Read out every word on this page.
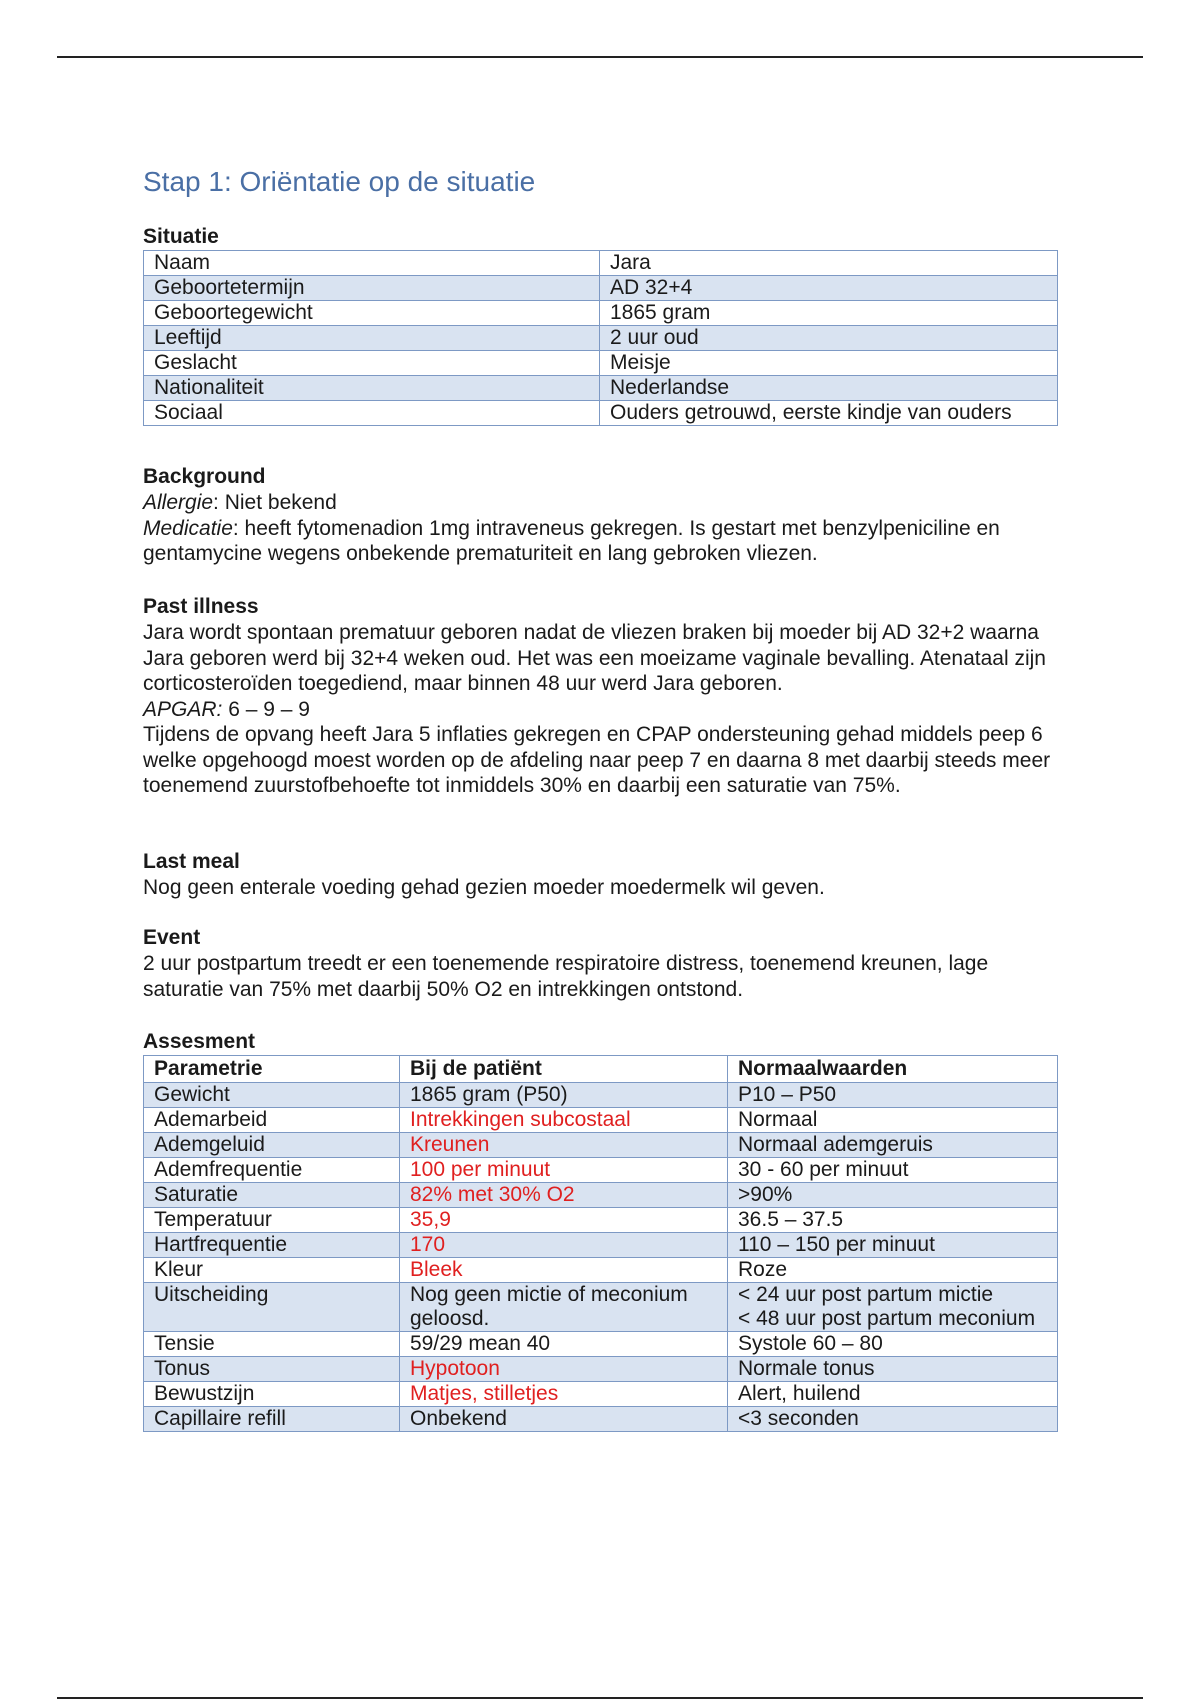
Stap 1: Oriëntatie op de situatie

Situatie

Naam	Jara
Geboortetermijn	AD 32+4
Geboortegewicht	1865 gram
Leeftijd	2 uur oud
Geslacht	Meisje
Nationaliteit	Nederlandse
Sociaal	Ouders getrouwd, eerste kindje van ouders

Background

Allergie: Niet bekend

Medicatie: heeft fytomenadion 1mg intraveneus gekregen. Is gestart met benzylpeniciline en gentamycine wegens onbekende prematuriteit en lang gebroken vliezen.

Past illness

Jara wordt spontaan prematuur geboren nadat de vliezen braken bij moeder bij AD 32+2 waarna Jara geboren werd bij 32+4 weken oud. Het was een moeizame vaginale bevalling. Atenataal zijn corticosteroïden toegediend, maar binnen 48 uur werd Jara geboren.

APGAR: 6 – 9 – 9

Tijdens de opvang heeft Jara 5 inflaties gekregen en CPAP ondersteuning gehad middels peep 6 welke opgehoogd moest worden op de afdeling naar peep 7 en daarna 8 met daarbij steeds meer toenemend zuurstofbehoefte tot inmiddels 30% en daarbij een saturatie van 75%.

Last meal

Nog geen enterale voeding gehad gezien moeder moedermelk wil geven.

Event

2 uur postpartum treedt er een toenemende respiratoire distress, toenemend kreunen, lage saturatie van 75% met daarbij 50% O2 en intrekkingen ontstond.

Assesment

Parametrie	Bij de patiënt	Normaalwaarden
Gewicht	1865 gram (P50)	P10 – P50
Ademarbeid	Intrekkingen subcostaal	Normaal
Ademgeluid	Kreunen	Normaal ademgeruis
Ademfrequentie	100 per minuut	30 - 60 per minuut
Saturatie	82% met 30% O2	>90%
Temperatuur	35,9	36.5 – 37.5
Hartfrequentie	170	110 – 150 per minuut
Kleur	Bleek	Roze
Uitscheiding	Nog geen mictie of meconium geloosd.	< 24 uur post partum mictie
< 48 uur post partum meconium
Tensie	59/29 mean 40	Systole 60 – 80
Tonus	Hypotoon	Normale tonus
Bewustzijn	Matjes, stilletjes	Alert, huilend
Capillaire refill	Onbekend	<3 seconden
